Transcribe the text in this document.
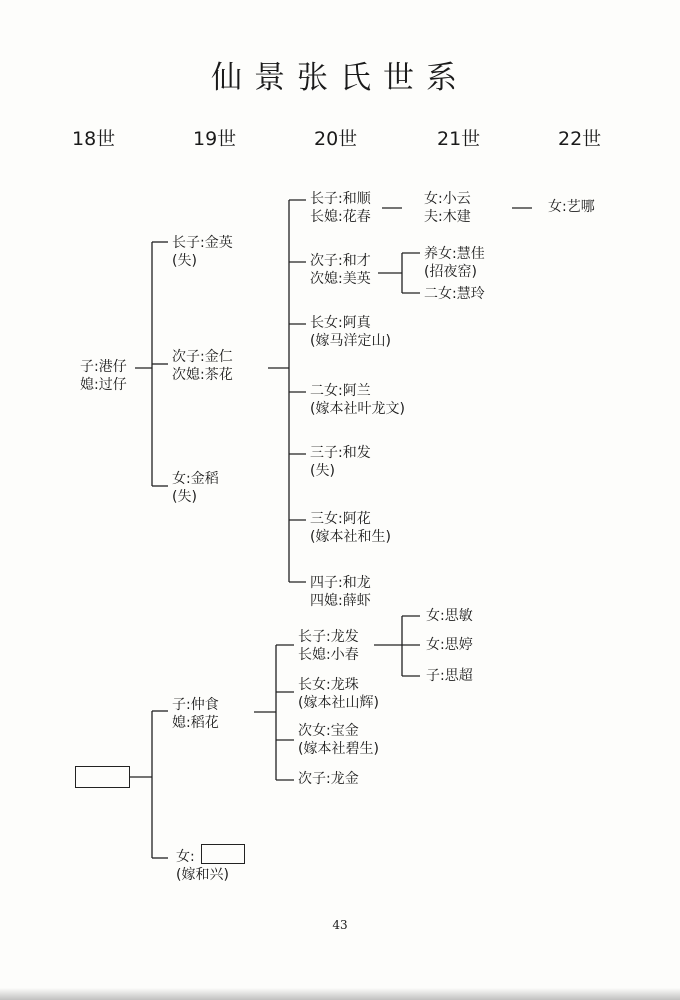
仙景张氏世系
18世	19世	20世	21世	22世
子:港仔
媳:过仔
长子:金英
(失)
次子:金仁
次媳:茶花
女:金稻
(失)
长子:和顺
长媳:花春
次子:和才
次媳:美英
长女:阿真
(嫁马洋定山)
二女:阿兰
(嫁本社叶龙文)
三子:和发
(失)
三女:阿花
(嫁本社和生)
四子:和龙
四媳:薛虾
女:小云
夫:木建
女:艺哪
养女:慧佳
(招夜窑)
二女:慧玲
子:仲食
媳:稻花
女:
(嫁和兴)
长子:龙发
长媳:小春
长女:龙珠
(嫁本社山辉)
次女:宝金
(嫁本社碧生)
次子:龙金
女:思敏
女:思婷
子:思超
43
